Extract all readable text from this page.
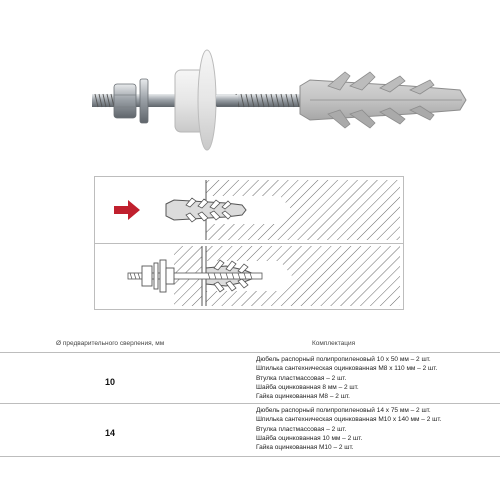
Ø предварительного сверления, мм	Комплектация
10
Дюбель распорный полипропиленовый 10 х 50 мм – 2 шт.
Шпилька сантехническая оцинкованная М8 х 110 мм – 2 шт.
Втулка пластмассовая – 2 шт.
Шайба оцинкованная 8 мм – 2 шт.
Гайка оцинкованная М8 – 2 шт.
14
Дюбель распорный полипропиленовый 14 х 75 мм – 2 шт.
Шпилька сантехническая оцинкованная М10 х 140 мм – 2 шт.
Втулка пластмассовая – 2 шт.
Шайба оцинкованная 10 мм – 2 шт.
Гайка оцинкованная М10 – 2 шт.
